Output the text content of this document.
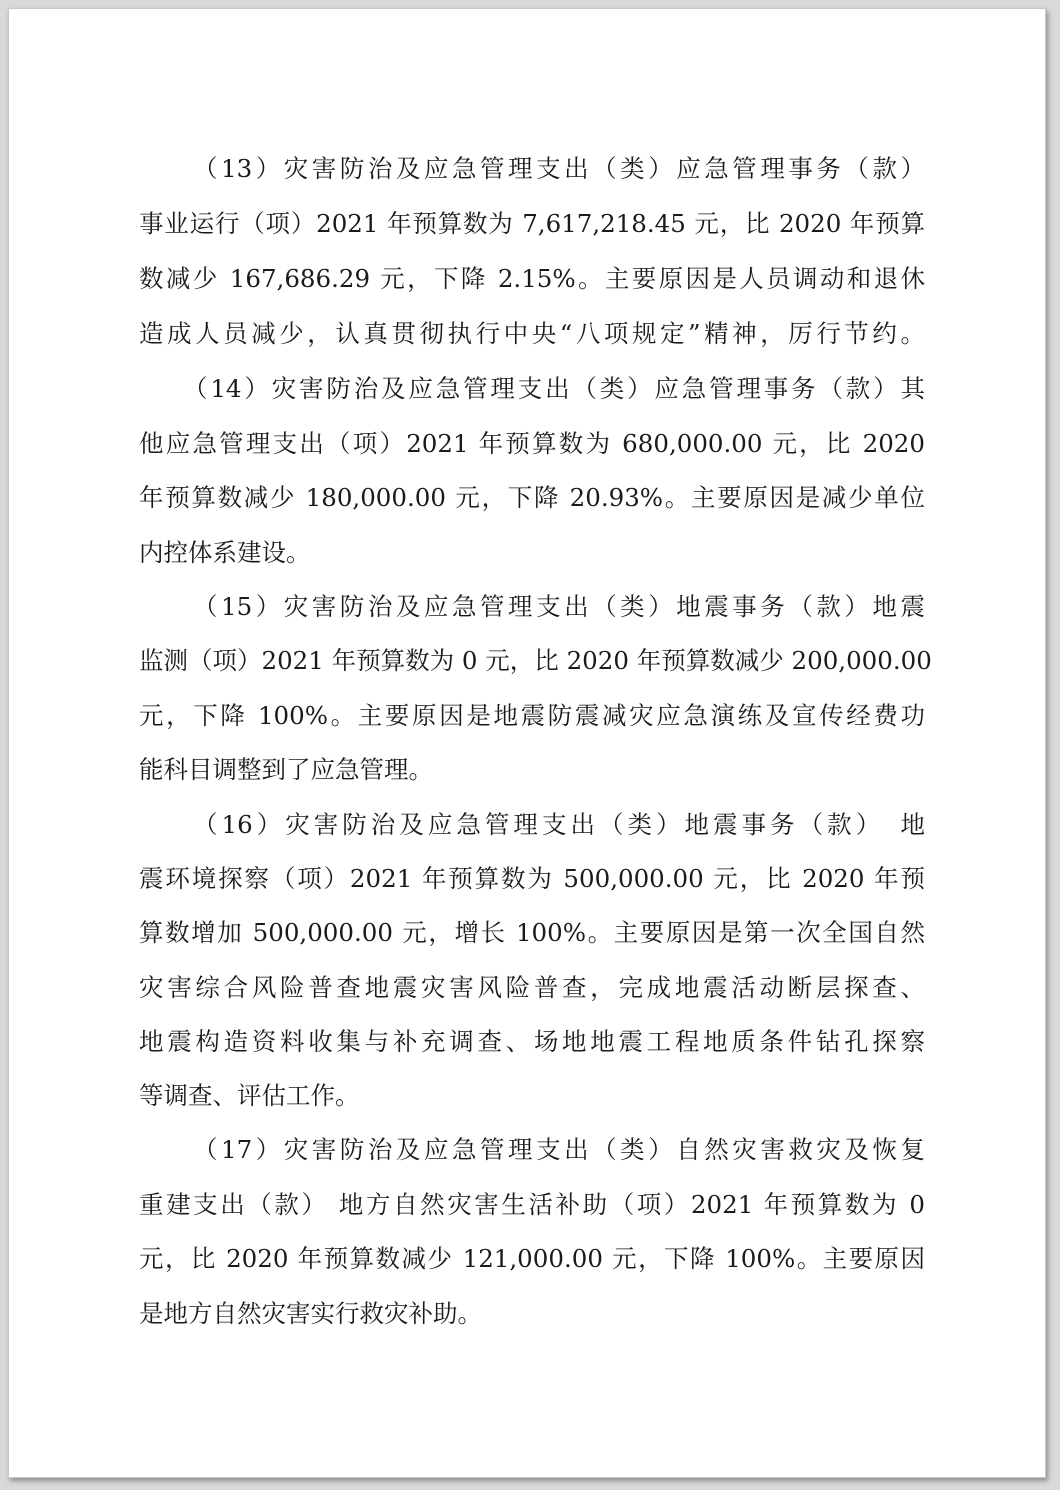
（13）灾害防治及应急管理支出（类）应急管理事务（款）
事业运行（项）2021 年预算数为 7,617,218.45 元，比 2020 年预算
数减少 167,686.29 元，下降 2.15%。主要原因是人员调动和退休
造成人员减少，认真贯彻执行中央“八项规定”精神，厉行节约。
（14）灾害防治及应急管理支出（类）应急管理事务（款）其
他应急管理支出（项）2021 年预算数为 680,000.00 元，比 2020
年预算数减少 180,000.00 元，下降 20.93%。主要原因是减少单位
内控体系建设。
（15）灾害防治及应急管理支出（类）地震事务（款）地震
监测（项）2021 年预算数为 0 元，比 2020 年预算数减少 200,000.00
元，下降 100%。主要原因是地震防震减灾应急演练及宣传经费功
能科目调整到了应急管理。
（16）灾害防治及应急管理支出（类）地震事务（款）　地
震环境探察（项）2021 年预算数为 500,000.00 元，比 2020 年预
算数增加 500,000.00 元，增长 100%。主要原因是第一次全国自然
灾害综合风险普查地震灾害风险普查，完成地震活动断层探查、
地震构造资料收集与补充调查、场地地震工程地质条件钻孔探察
等调查、评估工作。
（17）灾害防治及应急管理支出（类）自然灾害救灾及恢复
重建支出（款） 地方自然灾害生活补助（项）2021 年预算数为 0
元，比 2020 年预算数减少 121,000.00 元，下降 100%。主要原因
是地方自然灾害实行救灾补助。
